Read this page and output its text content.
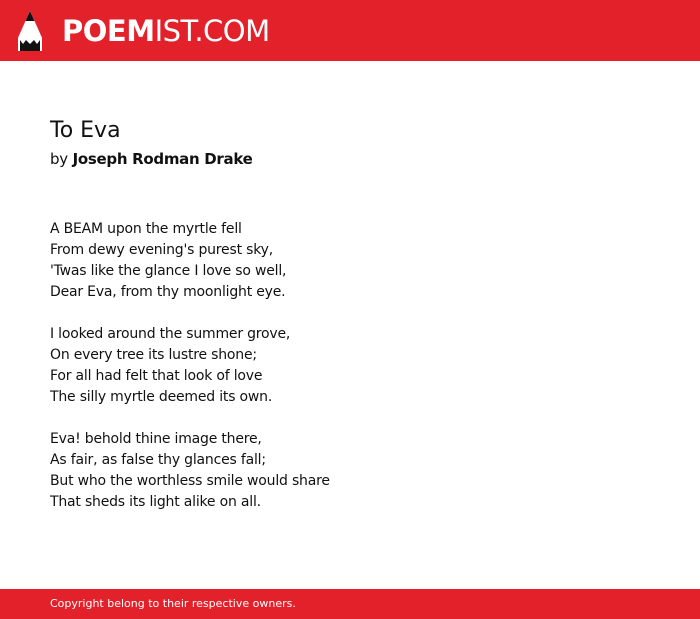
POEMIST.COM
To Eva
by Joseph Rodman Drake
A BEAM upon the myrtle fell
From dewy evening's purest sky,
'Twas like the glance I love so well,
Dear Eva, from thy moonlight eye.
I looked around the summer grove,
On every tree its lustre shone;
For all had felt that look of love
The silly myrtle deemed its own.
Eva! behold thine image there,
As fair, as false thy glances fall;
But who the worthless smile would share
That sheds its light alike on all.
Copyright belong to their respective owners.
